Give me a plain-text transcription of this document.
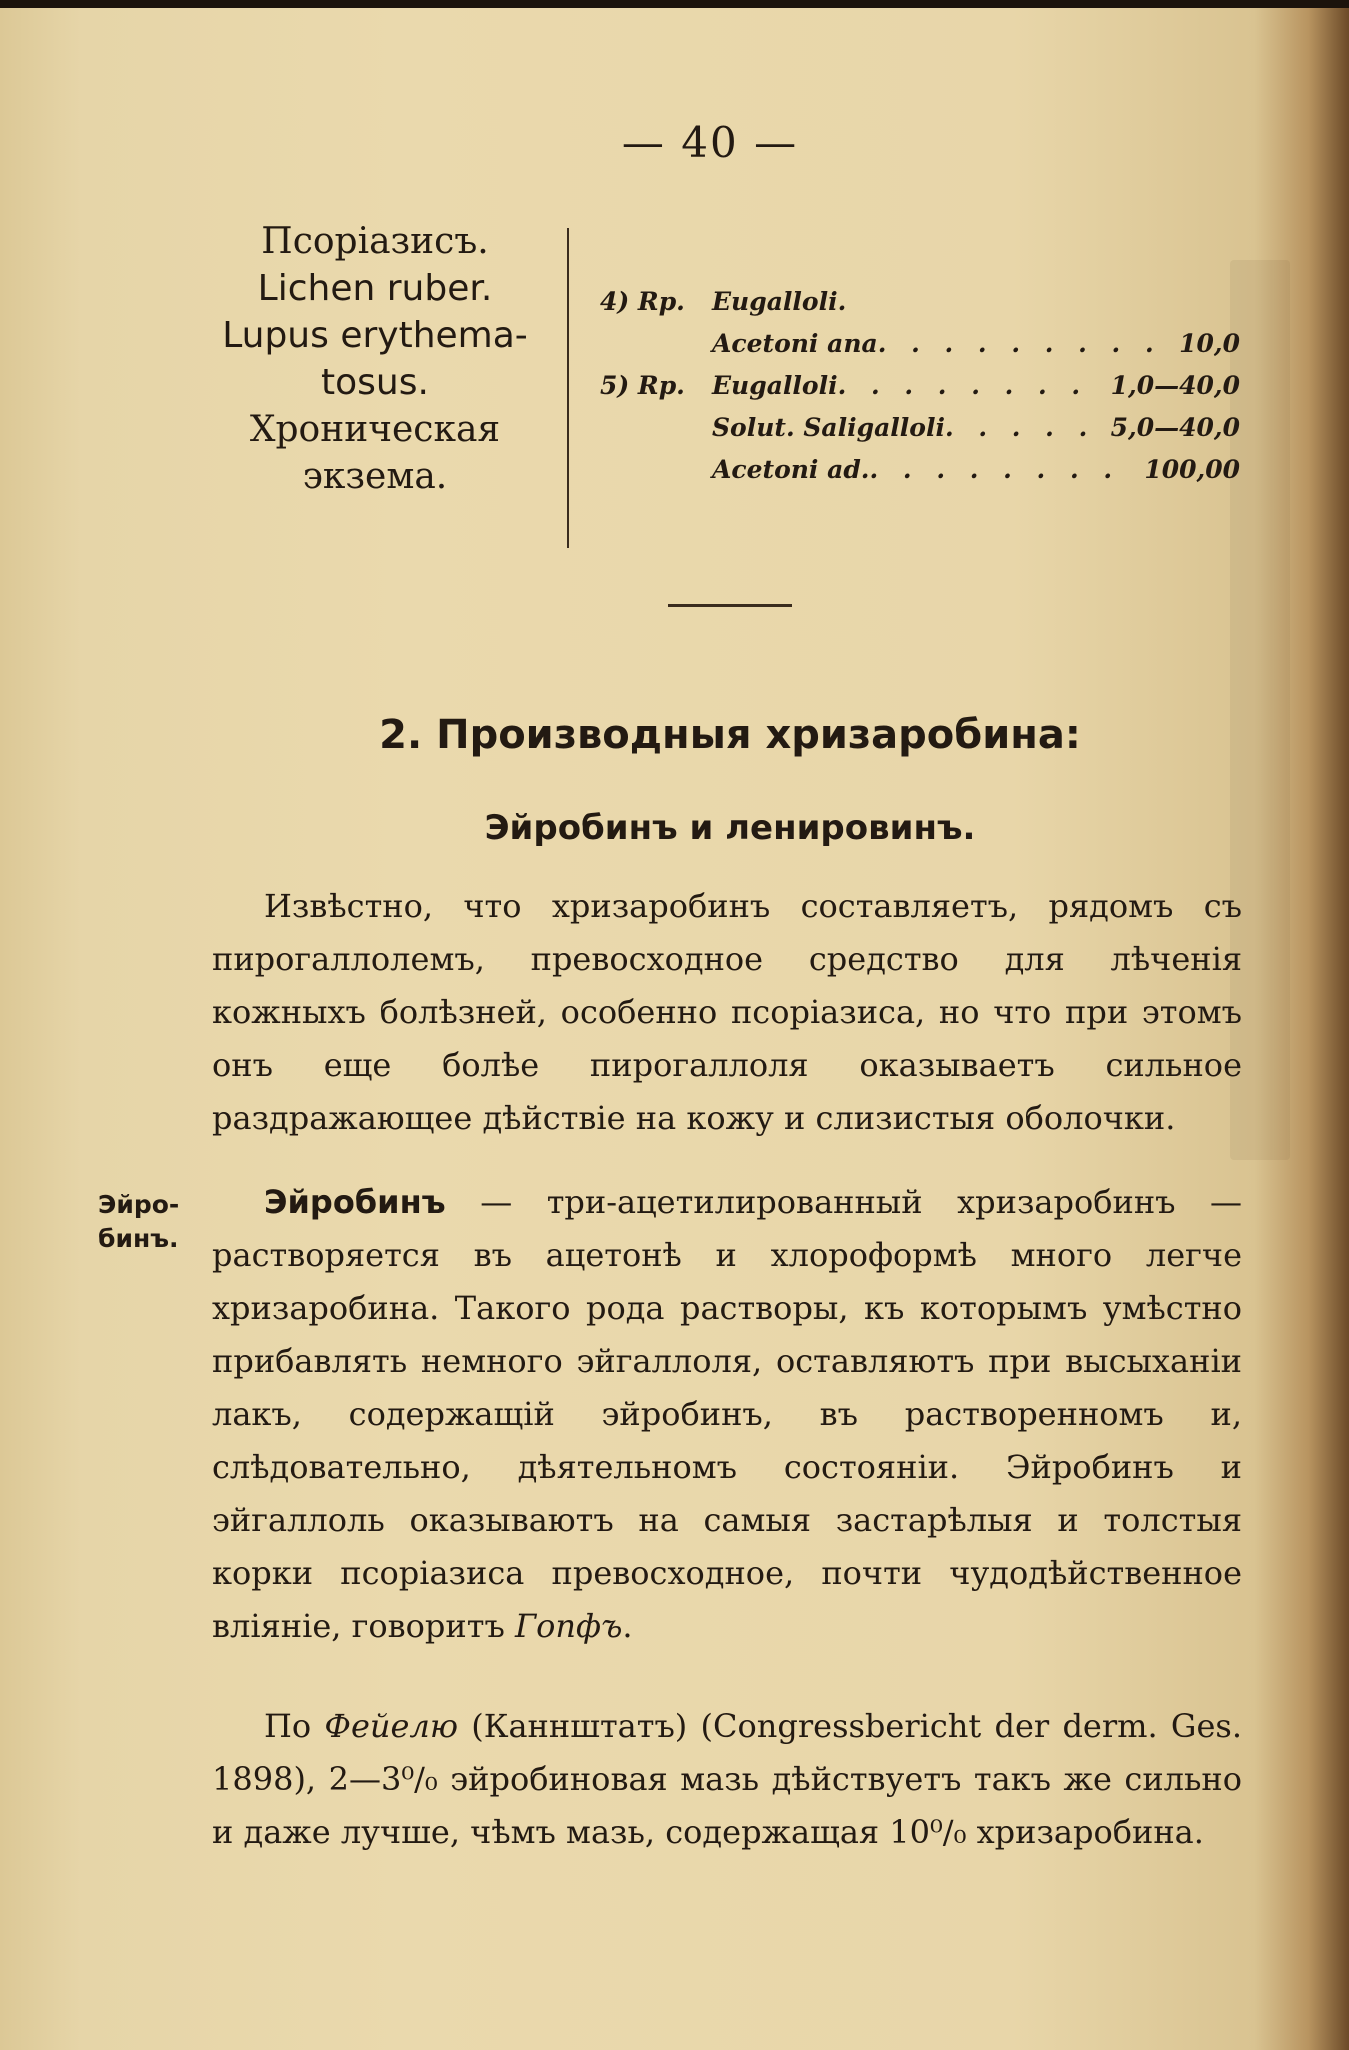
— 40 —
Псоріазисъ.
Lichen ruber.
Lupus erythema-
tosus.
Хроническая
экзема.
4) Rp.	Eugalloli.
Acetoni ana . . .	10,0
5) Rp.	Eugalloli . . .	1,0—40,0
Solut. Saligalloli . . .	5,0—40,0
Acetoni ad. . . .	100,00
2. Производныя хризаробина:
Эйробинъ и ленировинъ.
Извѣстно, что хризаробинъ составляетъ, рядомъ съ пирогаллолемъ, превосходное средство для лѣченія кожныхъ болѣзней, особенно псоріазиса, но что при этомъ онъ еще болѣе пирогаллоля оказываетъ сильное раздражающее дѣйствіе на кожу и слизистыя оболочки.
Эйро-бинъ.
Эйробинъ — три-ацетилированный хризаробинъ — растворяется въ ацетонѣ и хлороформѣ много легче хризаробина. Такого рода растворы, къ которымъ умѣстно прибавлять немного эйгаллоля, оставляютъ при высыханіи лакъ, содержащій эйробинъ, въ растворенномъ и, слѣдовательно, дѣятельномъ состояніи. Эйробинъ и эйгаллоль оказываютъ на самыя застарѣлыя и толстыя корки псоріазиса превосходное, почти чудодѣйственное вліяніе, говоритъ Гопфъ.
По Фейелю (Каннштатъ) (Congressbericht der derm. Ges. 1898), 2—3⁰/₀ эйробиновая мазь дѣйствуетъ такъ же сильно и даже лучше, чѣмъ мазь, содержащая 10⁰/₀ хризаробина.
